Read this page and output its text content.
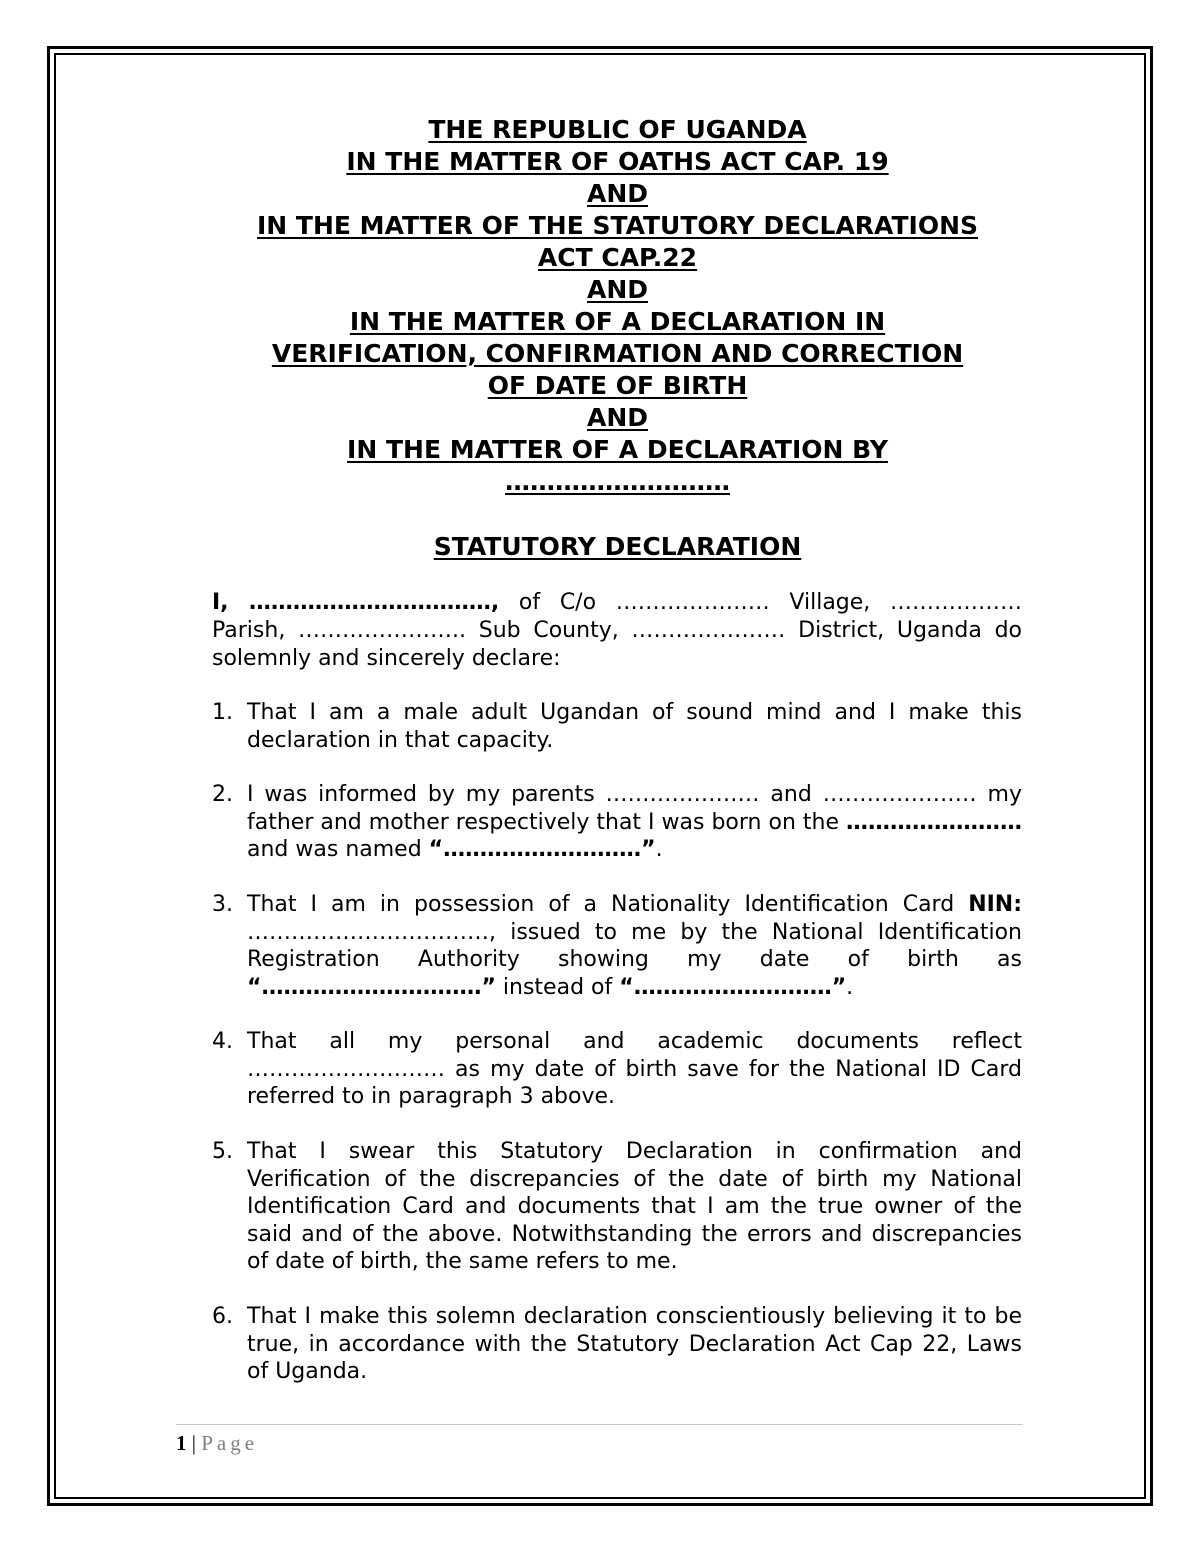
THE REPUBLIC OF UGANDA
IN THE MATTER OF OATHS ACT CAP. 19
AND
IN THE MATTER OF THE STATUTORY DECLARATIONS
ACT CAP.22
AND
IN THE MATTER OF A DECLARATION IN
VERIFICATION, CONFIRMATION AND CORRECTION
OF DATE OF BIRTH
AND
IN THE MATTER OF A DECLARATION BY
………………………
STATUTORY DECLARATION
I, ……………………………, of C/o ………………… Village, ……………… Parish, ………………….. Sub County, ………………… District, Uganda do solemnly and sincerely declare:
1. That I am a male adult Ugandan of sound mind and I make this declaration in that capacity.
2. I was informed by my parents ………………… and ………………… my father and mother respectively that I was born on the …………………… and was named “………………………”.
3. That I am in possession of a Nationality Identification Card NIN: ……………………………, issued to me by the National Identification Registration Authority showing my date of birth as “…………………………” instead of “………………………”.
4. That all my personal and academic documents reflect ……………………… as my date of birth save for the National ID Card referred to in paragraph 3 above.
5. That I swear this Statutory Declaration in confirmation and Verification of the discrepancies of the date of birth my National Identification Card and documents that I am the true owner of the said and of the above. Notwithstanding the errors and discrepancies of date of birth, the same refers to me.
6. That I make this solemn declaration conscientiously believing it to be true, in accordance with the Statutory Declaration Act Cap 22, Laws of Uganda.
1 | Page
